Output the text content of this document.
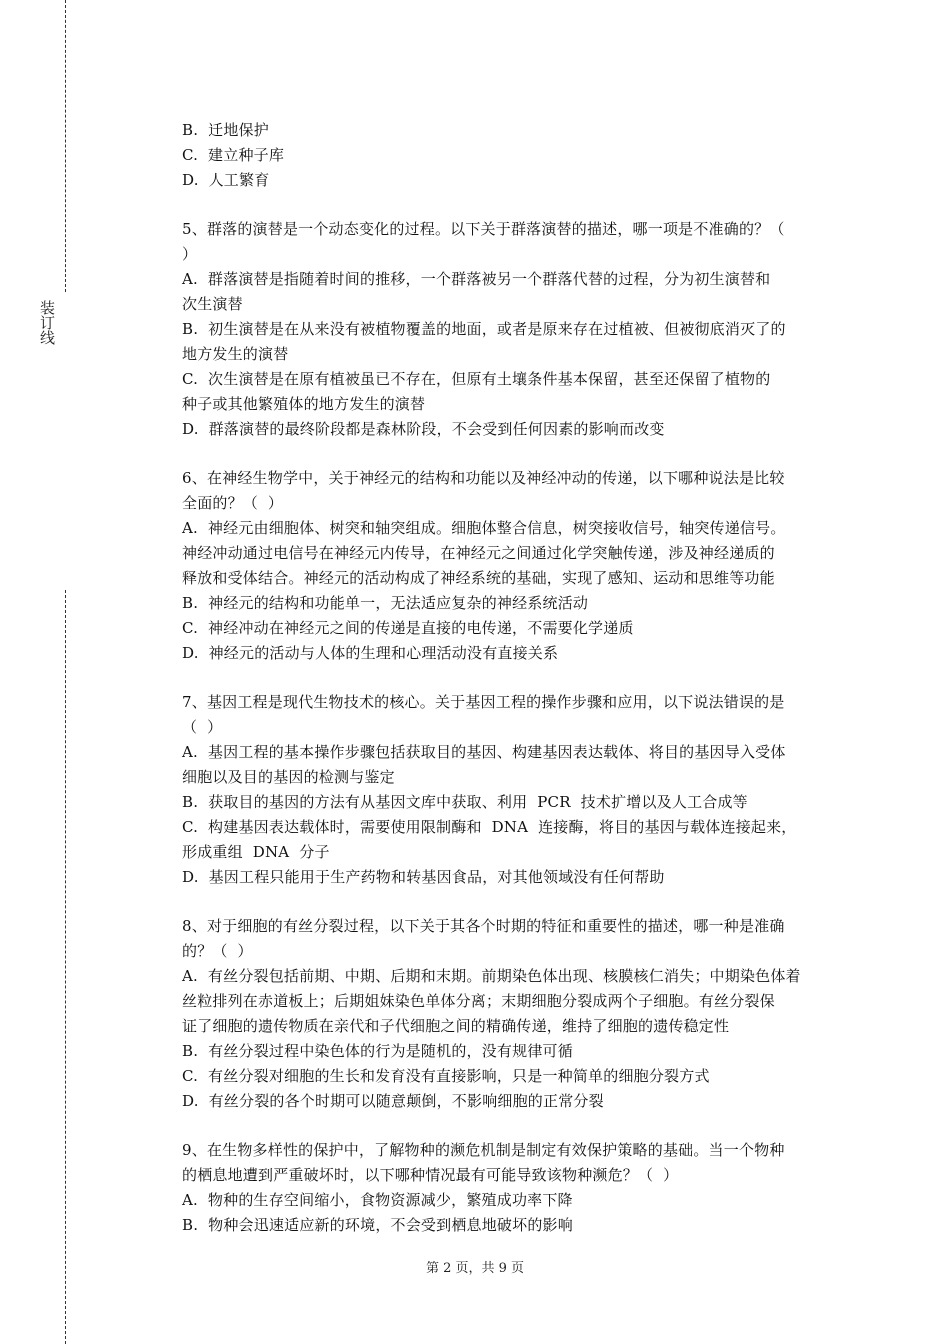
装订线
B.  迁地保护
C.  建立种子库
D.  人工繁育
5、群落的演替是一个动态变化的过程。以下关于群落演替的描述，哪一项是不准确的？（
）
A.  群落演替是指随着时间的推移，一个群落被另一个群落代替的过程，分为初生演替和
次生演替
B.  初生演替是在从来没有被植物覆盖的地面，或者是原来存在过植被、但被彻底消灭了的
地方发生的演替
C.  次生演替是在原有植被虽已不存在，但原有土壤条件基本保留，甚至还保留了植物的
种子或其他繁殖体的地方发生的演替
D.  群落演替的最终阶段都是森林阶段，不会受到任何因素的影响而改变
6、在神经生物学中，关于神经元的结构和功能以及神经冲动的传递，以下哪种说法是比较
全面的？（  ）
A.  神经元由细胞体、树突和轴突组成。细胞体整合信息，树突接收信号，轴突传递信号。
神经冲动通过电信号在神经元内传导，在神经元之间通过化学突触传递，涉及神经递质的
释放和受体结合。神经元的活动构成了神经系统的基础，实现了感知、运动和思维等功能
B.  神经元的结构和功能单一，无法适应复杂的神经系统活动
C.  神经冲动在神经元之间的传递是直接的电传递，不需要化学递质
D.  神经元的活动与人体的生理和心理活动没有直接关系
7、基因工程是现代生物技术的核心。关于基因工程的操作步骤和应用，以下说法错误的是
（  ）
A.  基因工程的基本操作步骤包括获取目的基因、构建基因表达载体、将目的基因导入受体
细胞以及目的基因的检测与鉴定
B.  获取目的基因的方法有从基因文库中获取、利用  PCR  技术扩增以及人工合成等
C.  构建基因表达载体时，需要使用限制酶和  DNA  连接酶，将目的基因与载体连接起来，
形成重组  DNA  分子
D.  基因工程只能用于生产药物和转基因食品，对其他领域没有任何帮助
8、对于细胞的有丝分裂过程，以下关于其各个时期的特征和重要性的描述，哪一种是准确
的？（  ）
A.  有丝分裂包括前期、中期、后期和末期。前期染色体出现、核膜核仁消失；中期染色体着
丝粒排列在赤道板上；后期姐妹染色单体分离；末期细胞分裂成两个子细胞。有丝分裂保
证了细胞的遗传物质在亲代和子代细胞之间的精确传递，维持了细胞的遗传稳定性
B.  有丝分裂过程中染色体的行为是随机的，没有规律可循
C.  有丝分裂对细胞的生长和发育没有直接影响，只是一种简单的细胞分裂方式
D.  有丝分裂的各个时期可以随意颠倒，不影响细胞的正常分裂
9、在生物多样性的保护中，了解物种的濒危机制是制定有效保护策略的基础。当一个物种
的栖息地遭到严重破坏时，以下哪种情况最有可能导致该物种濒危？（  ）
A.  物种的生存空间缩小，食物资源减少，繁殖成功率下降
B.  物种会迅速适应新的环境，不会受到栖息地破坏的影响
第 2 页，共 9 页
